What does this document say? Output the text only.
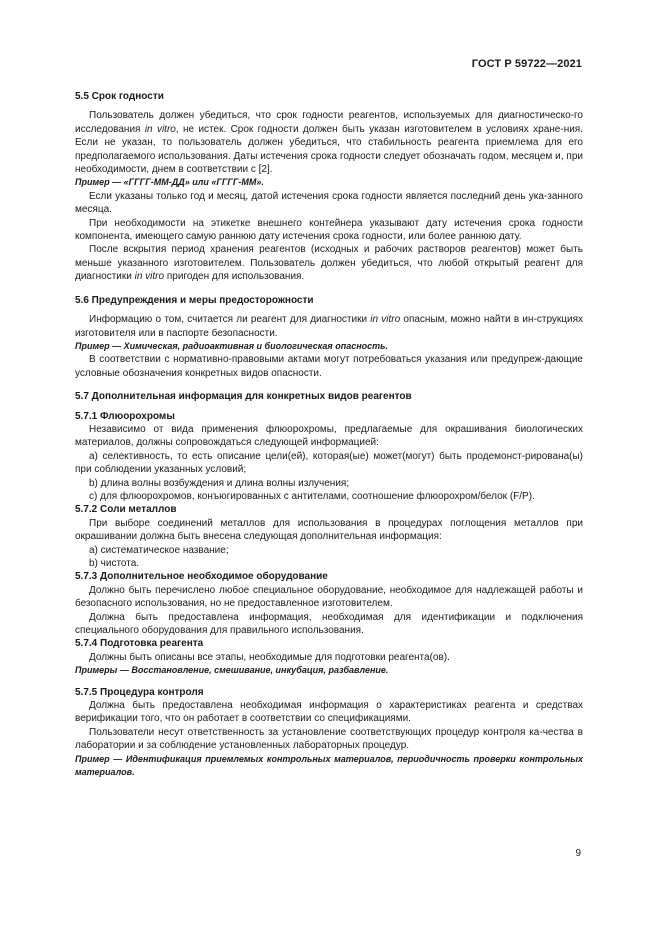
ГОСТ Р 59722—2021

5.5 Срок годности

Пользователь должен убедиться, что срок годности реагентов, используемых для диагностическо-го исследования in vitro, не истек. Срок годности должен быть указан изготовителем в условиях хране-ния. Если не указан, то пользователь должен убедиться, что стабильность реагента приемлема для его предполагаемого использования. Даты истечения срока годности следует обозначать годом, месяцем и, при необходимости, днем в соответствии с [2].

Пример — «ГГГГ-ММ-ДД» или «ГГГГ-ММ».

Если указаны только год и месяц, датой истечения срока годности является последний день ука-занного месяца.

При необходимости на этикетке внешнего контейнера указывают дату истечения срока годности компонента, имеющего самую раннюю дату истечения срока годности, или более раннюю дату.

После вскрытия период хранения реагентов (исходных и рабочих растворов реагентов) может быть меньше указанного изготовителем. Пользователь должен убедиться, что любой открытый реагент для диагностики in vitro пригоден для использования.

5.6 Предупреждения и меры предосторожности

Информацию о том, считается ли реагент для диагностики in vitro опасным, можно найти в ин-струкциях изготовителя или в паспорте безопасности.

Пример — Химическая, радиоактивная и биологическая опасность.

В соответствии с нормативно-правовыми актами могут потребоваться указания или предупреж-дающие условные обозначения конкретных видов опасности.

5.7 Дополнительная информация для конкретных видов реагентов

5.7.1 Флюорохромы

Независимо от вида применения флюорохромы, предлагаемые для окрашивания биологических материалов, должны сопровождаться следующей информацией:

a) селективность, то есть описание цели(ей), которая(ые) может(могут) быть продемонст-рирована(ы) при соблюдении указанных условий;

b) длина волны возбуждения и длина волны излучения;

c) для флюорохромов, конъюгированных с антителами, соотношение флюорохром/белок (F/P).

5.7.2 Соли металлов

При выборе соединений металлов для использования в процедурах поглощения металлов при окрашивании должна быть внесена следующая дополнительная информация:

a) систематическое название;

b) чистота.

5.7.3 Дополнительное необходимое оборудование

Должно быть перечислено любое специальное оборудование, необходимое для надлежащей работы и безопасного использования, но не предоставленное изготовителем.

Должна быть предоставлена информация, необходимая для идентификации и подключения специального оборудования для правильного использования.

5.7.4 Подготовка реагента

Должны быть описаны все этапы, необходимые для подготовки реагента(ов).

Примеры — Восстановление, смешивание, инкубация, разбавление.

5.7.5 Процедура контроля

Должна быть предоставлена необходимая информация о характеристиках реагента и средствах верификации того, что он работает в соответствии со спецификациями.

Пользователи несут ответственность за установление соответствующих процедур контроля ка-чества в лаборатории и за соблюдение установленных лабораторных процедур.

Пример — Идентификация приемлемых контрольных материалов, периодичность проверки контрольных материалов.

9
